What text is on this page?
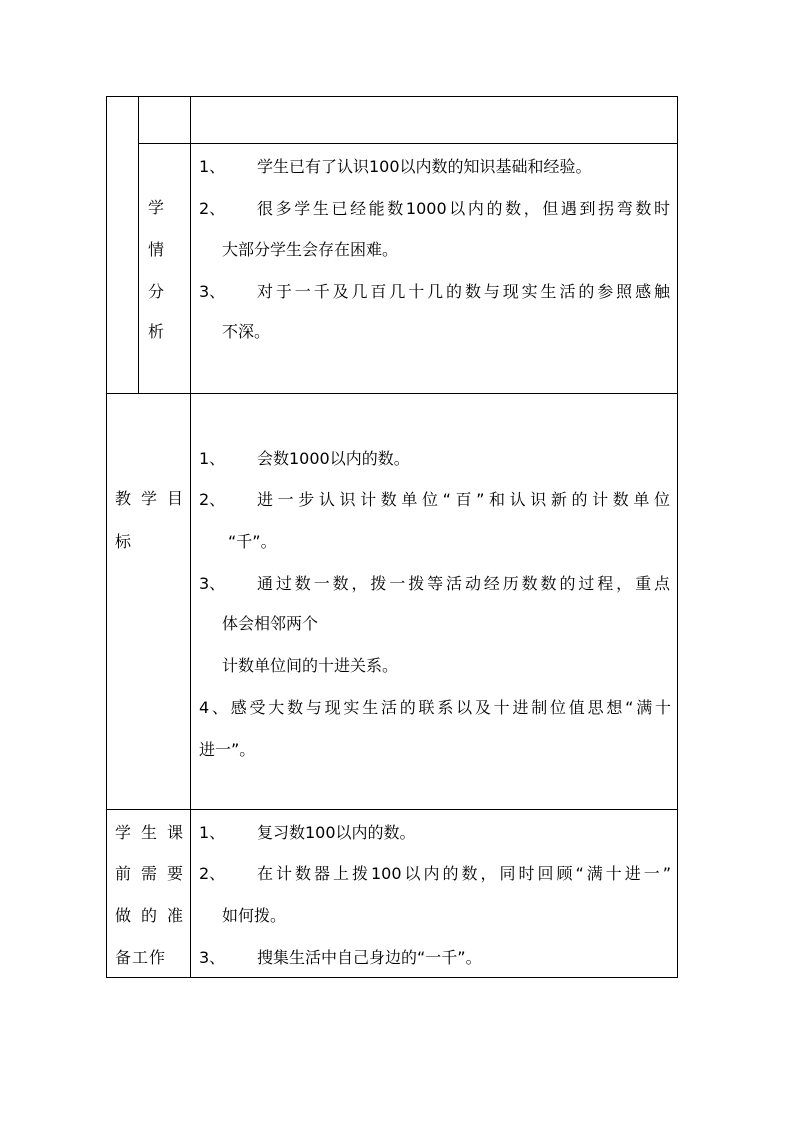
学
情
分
析
1、 学生已有了认识100以内数的知识基础和经验。
2、 很多学生已经能数1000以内的数，但遇到拐弯数时
大部分学生会存在困难。
3、 对于一千及几百几十几的数与现实生活的参照感触
不深。
教 学 目
标
1、 会数1000以内的数。
2、 进一步认识计数单位“百”和认识新的计数单位
“千”。
3、 通过数一数，拨一拨等活动经历数数的过程，重点
体会相邻两个
计数单位间的十进关系。
4、感受大数与现实生活的联系以及十进制位值思想“满十
进一”。
学 生 课
前 需 要
做 的 准
备工作
1、 复习数100以内的数。
2、 在计数器上拨100以内的数，同时回顾“满十进一”
如何拨。
3、 搜集生活中自己身边的“一千”。
